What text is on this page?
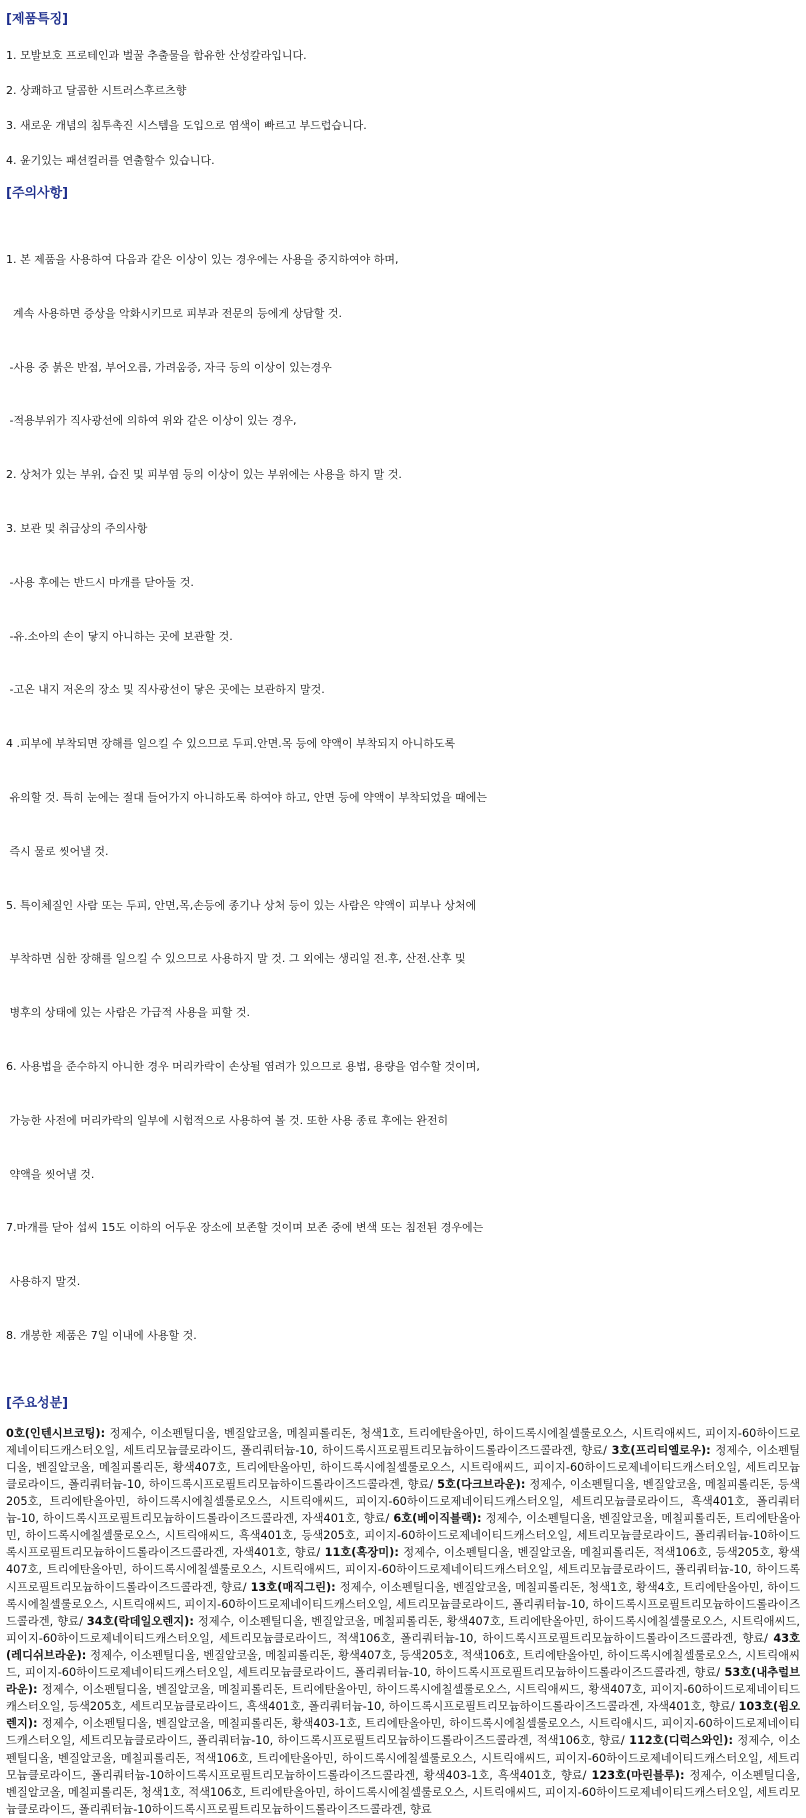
[제품특징]

1. 모발보호 프로테인과 벌꿀 추출물을 함유한 산성칼라입니다.

2. 상쾌하고 달콤한 시트러스후르츠향

3. 새로운 개념의 침투촉진 시스템을 도입으로 염색이 빠르고 부드럽습니다.

4. 윤기있는 패션컬러를 연출할수 있습니다.

[주의사항]

1. 본 제품을 사용하여 다음과 같은 이상이 있는 경우에는 사용을 중지하여야 하며,

계속 사용하면 증상을 악화시키므로 피부과 전문의 등에게 상담할 것.

-사용 중 붉은 반점, 부어오름, 가려움증, 자극 등의 이상이 있는경우

-적용부위가 직사광선에 의하여 위와 같은 이상이 있는 경우,

2. 상처가 있는 부위, 습진 및 피부염 등의 이상이 있는 부위에는 사용을 하지 말 것.

3. 보관 및 취급상의 주의사항

-사용 후에는 반드시 마개를 닫아둘 것.

-유.소아의 손이 닿지 아니하는 곳에 보관할 것.

-고온 내지 저온의 장소 및 직사광선이 닿은 곳에는 보관하지 말것.

4 .피부에 부착되면 장해를 일으킬 수 있으므로 두피.안면.목 등에 약액이 부착되지 아니하도록

유의할 것. 특히 눈에는 절대 들어가지 아니하도록 하여야 하고, 안면 등에 약액이 부착되었을 때에는

즉시 물로 씻어낼 것.

5. 특이체질인 사람 또는 두피, 안면,목,손등에 종기나 상처 등이 있는 사람은 약액이 피부나 상처에

부착하면 심한 장해를 일으킬 수 있으므로 사용하지 말 것. 그 외에는 생리일 전.후, 산전.산후 및

병후의 상태에 있는 사람은 가급적 사용을 피할 것.

6. 사용법을 준수하지 아니한 경우 머리카락이 손상될 염려가 있으므로 용법, 용량을 엄수할 것이며,

가능한 사전에 머리카락의 일부에 시험적으로 사용하여 볼 것. 또한 사용 종료 후에는 완전히

약액을 씻어낼 것.

7.마개를 닫아 섭씨 15도 이하의 어두운 장소에 보존할 것이며 보존 중에 변색 또는 침전된 경우에는

사용하지 말것.

8. 개봉한 제품은 7일 이내에 사용할 것.

[주요성분]

0호(인텐시브코팅): 정제수, 이소펜틸디올, 벤질알코올, 메칠피롤리돈, 청색1호, 트리에탄올아민, 하이드록시에칠셀룰로오스, 시트릭애씨드, 피이지-60하이드로제네이티드캐스터오일, 세트리모늄클로라이드, 폴리쿼터늄-10, 하이드록시프로필트리모늄하이드롤라이즈드콜라겐, 향료/ 3호(프리티옐로우): 정제수, 이소펜틸디올, 벤질알코올, 메칠피롤리돈, 황색407호, 트리에탄올아민, 하이드록시에칠셀룰로오스, 시트릭애씨드, 피이지-60하이드로제네이티드캐스터오일, 세트리모늄클로라이드, 폴리쿼터늄-10, 하이드록시프로필트리모늄하이드롤라이즈드콜라겐, 향료/ 5호(다크브라운): 정제수, 이소펜틸디올, 벤질알코올, 메칠피롤리돈, 등색205호, 트리에탄올아민, 하이드록시에칠셀룰로오스, 시트릭애씨드, 피이지-60하이드로제네이티드캐스터오일, 세트리모늄클로라이드, 흑색401호, 폴리쿼터늄-10, 하이드록시프로필트리모늄하이드롤라이즈드콜라겐, 자색401호, 향료/ 6호(베이직블랙): 정제수, 이소펜틸디올, 벤질알코올, 메칠피롤리돈, 트리에탄올아민, 하이드록시에칠셀룰로오스, 시트릭애씨드, 흑색401호, 등색205호, 피이지-60하이드로제네이티드캐스터오일, 세트리모늄클로라이드, 폴리쿼터늄-10하이드록시프로필트리모늄하이드롤라이즈드콜라겐, 자색401호, 향료/ 11호(흑장미): 정제수, 이소펜틸디올, 벤질알코올, 메칠피롤리돈, 적색106호, 등색205호, 황색407호, 트리에탄올아민, 하이드록시에칠셀룰로오스, 시트릭애씨드, 피이지-60하이드로제네이티드캐스터오일, 세트리모늄클로라이드, 폴리쿼터늄-10, 하이드록시프로필트리모늄하이드롤라이즈드콜라겐, 향료/ 13호(매직그린): 정제수, 이소펜틸디올, 벤질알코올, 메칠피롤리돈, 청색1호, 황색4호, 트리에탄올아민, 하이드록시에칠셀룰로오스, 시트릭애씨드, 피이지-60하이드로제네이티드캐스터오일, 세트리모늄클로라이드, 폴리쿼터늄-10, 하이드록시프로필트리모늄하이드롤라이즈드콜라겐, 향료/ 34호(락데일오렌지): 정제수, 이소펜틸디올, 벤질알코올, 메칠피롤리돈, 황색407호, 트리에탄올아민, 하이드록시에칠셀룰로오스, 시트릭애씨드, 피이지-60하이드로제네이티드캐스터오일, 세트리모늄클로라이드, 적색106호, 폴리쿼터늄-10, 하이드록시프로필트리모늄하이드롤라이즈드콜라겐, 향료/ 43호(레디쉬브라운): 정제수, 이소펜틸디올, 벤질알코올, 메칠피롤리돈, 황색407호, 등색205호, 적색106호, 트리에탄올아민, 하이드록시에칠셀룰로오스, 시트릭애씨드, 피이지-60하이드로제네이티드캐스터오일, 세트리모늄클로라이드, 폴리쿼터늄-10, 하이드록시프로필트리모늄하이드롤라이즈드콜라겐, 향료/ 53호(내추럴브라운): 정제수, 이소펜틸디올, 벤질알코올, 메칠피롤리돈, 트리에탄올아민, 하이드록시에칠셀룰로오스, 시트릭애씨드, 황색407호, 피이지-60하이드로제네이티드캐스터오일, 등색205호, 세트리모늄클로라이드, 흑색401호, 폴리쿼터늄-10, 하이드록시프로필트리모늄하이드롤라이즈드콜라겐, 자색401호, 향료/ 103호(윔오렌지): 정제수, 이소펜틸디올, 벤질알코올, 메칠피롤리돈, 황색403-1호, 트리에탄올아민, 하이드록시에칠셀룰로오스, 시트릭애시드, 피이지-60하이드로제네이티드캐스터오일, 세트리모늄클로라이드, 폴리쿼터늄-10, 하이드록시프로필트리모늄하이드롤라이즈드콜라겐, 적색106호, 향료/ 112호(디럭스와인): 정제수, 이소펜틸디올, 벤질알코올, 메칠피롤리돈, 적색106호, 트리에탄올아민, 하이드록시에칠셀룰로오스, 시트릭애씨드, 피이지-60하이드로제네이티드캐스터오일, 세트리모늄클로라이드, 폴리쿼터늄-10하이드록시프로필트리모늄하이드롤라이즈드콜라겐, 황색403-1호, 흑색401호, 향료/ 123호(마린블루): 정제수, 이소펜틸디올, 벤질알코올, 메칠피롤리돈, 청색1호, 적색106호, 트리에탄올아민, 하이드록시에칠셀룰로오스, 시트릭애씨드, 피이지-60하이드로제네이티드캐스터오일, 세트리모늄클로라이드, 폴리쿼터늄-10하이드록시프로필트리모늄하이드롤라이즈드콜라겐, 향료
